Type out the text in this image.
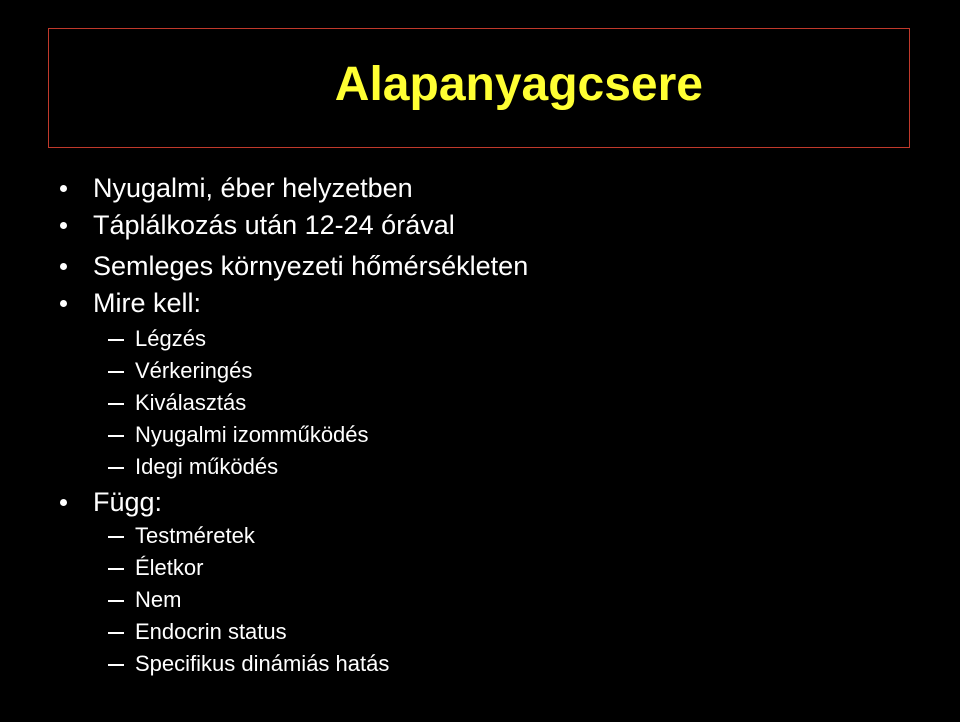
Alapanyagcsere
Nyugalmi, éber helyzetben
Táplálkozás után 12-24 órával
Semleges környezeti hőmérsékleten
Mire kell:
Légzés
Vérkeringés
Kiválasztás
Nyugalmi izomműködés
Idegi működés
Függ:
Testméretek
Életkor
Nem
Endocrin status
Specifikus dinámiás hatás
